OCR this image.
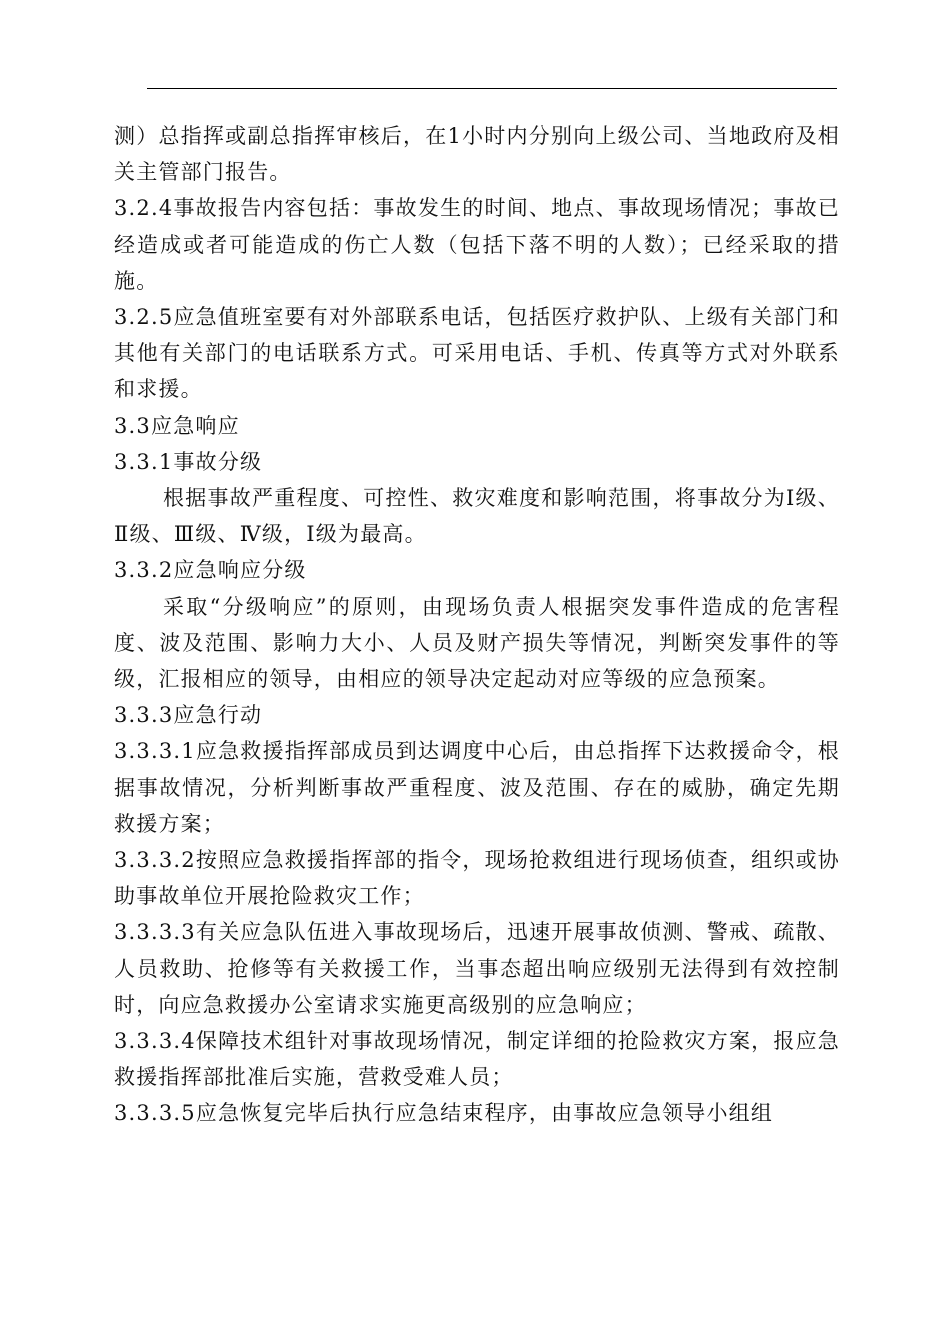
测）总指挥或副总指挥审核后，在1小时内分别向上级公司、当地政府及相关主管部门报告。

3.2.4事故报告内容包括：事故发生的时间、地点、事故现场情况；事故已经造成或者可能造成的伤亡人数（包括下落不明的人数）；已经采取的措施。

3.2.5应急值班室要有对外部联系电话，包括医疗救护队、上级有关部门和其他有关部门的电话联系方式。可采用电话、手机、传真等方式对外联系和求援。

3.3应急响应

3.3.1事故分级

根据事故严重程度、可控性、救灾难度和影响范围，将事故分为Ⅰ级、Ⅱ级、Ⅲ级、Ⅳ级，Ⅰ级为最高。

3.3.2应急响应分级

采取“分级响应”的原则，由现场负责人根据突发事件造成的危害程度、波及范围、影响力大小、人员及财产损失等情况，判断突发事件的等级，汇报相应的领导，由相应的领导决定起动对应等级的应急预案。

3.3.3应急行动

3.3.3.1应急救援指挥部成员到达调度中心后，由总指挥下达救援命令，根据事故情况，分析判断事故严重程度、波及范围、存在的威胁，确定先期救援方案；

3.3.3.2按照应急救援指挥部的指令，现场抢救组进行现场侦查，组织或协助事故单位开展抢险救灾工作；

3.3.3.3有关应急队伍进入事故现场后，迅速开展事故侦测、警戒、疏散、人员救助、抢修等有关救援工作，当事态超出响应级别无法得到有效控制时，向应急救援办公室请求实施更高级别的应急响应；

3.3.3.4保障技术组针对事故现场情况，制定详细的抢险救灾方案，报应急救援指挥部批准后实施，营救受难人员；

3.3.3.5应急恢复完毕后执行应急结束程序，由事故应急领导小组组
